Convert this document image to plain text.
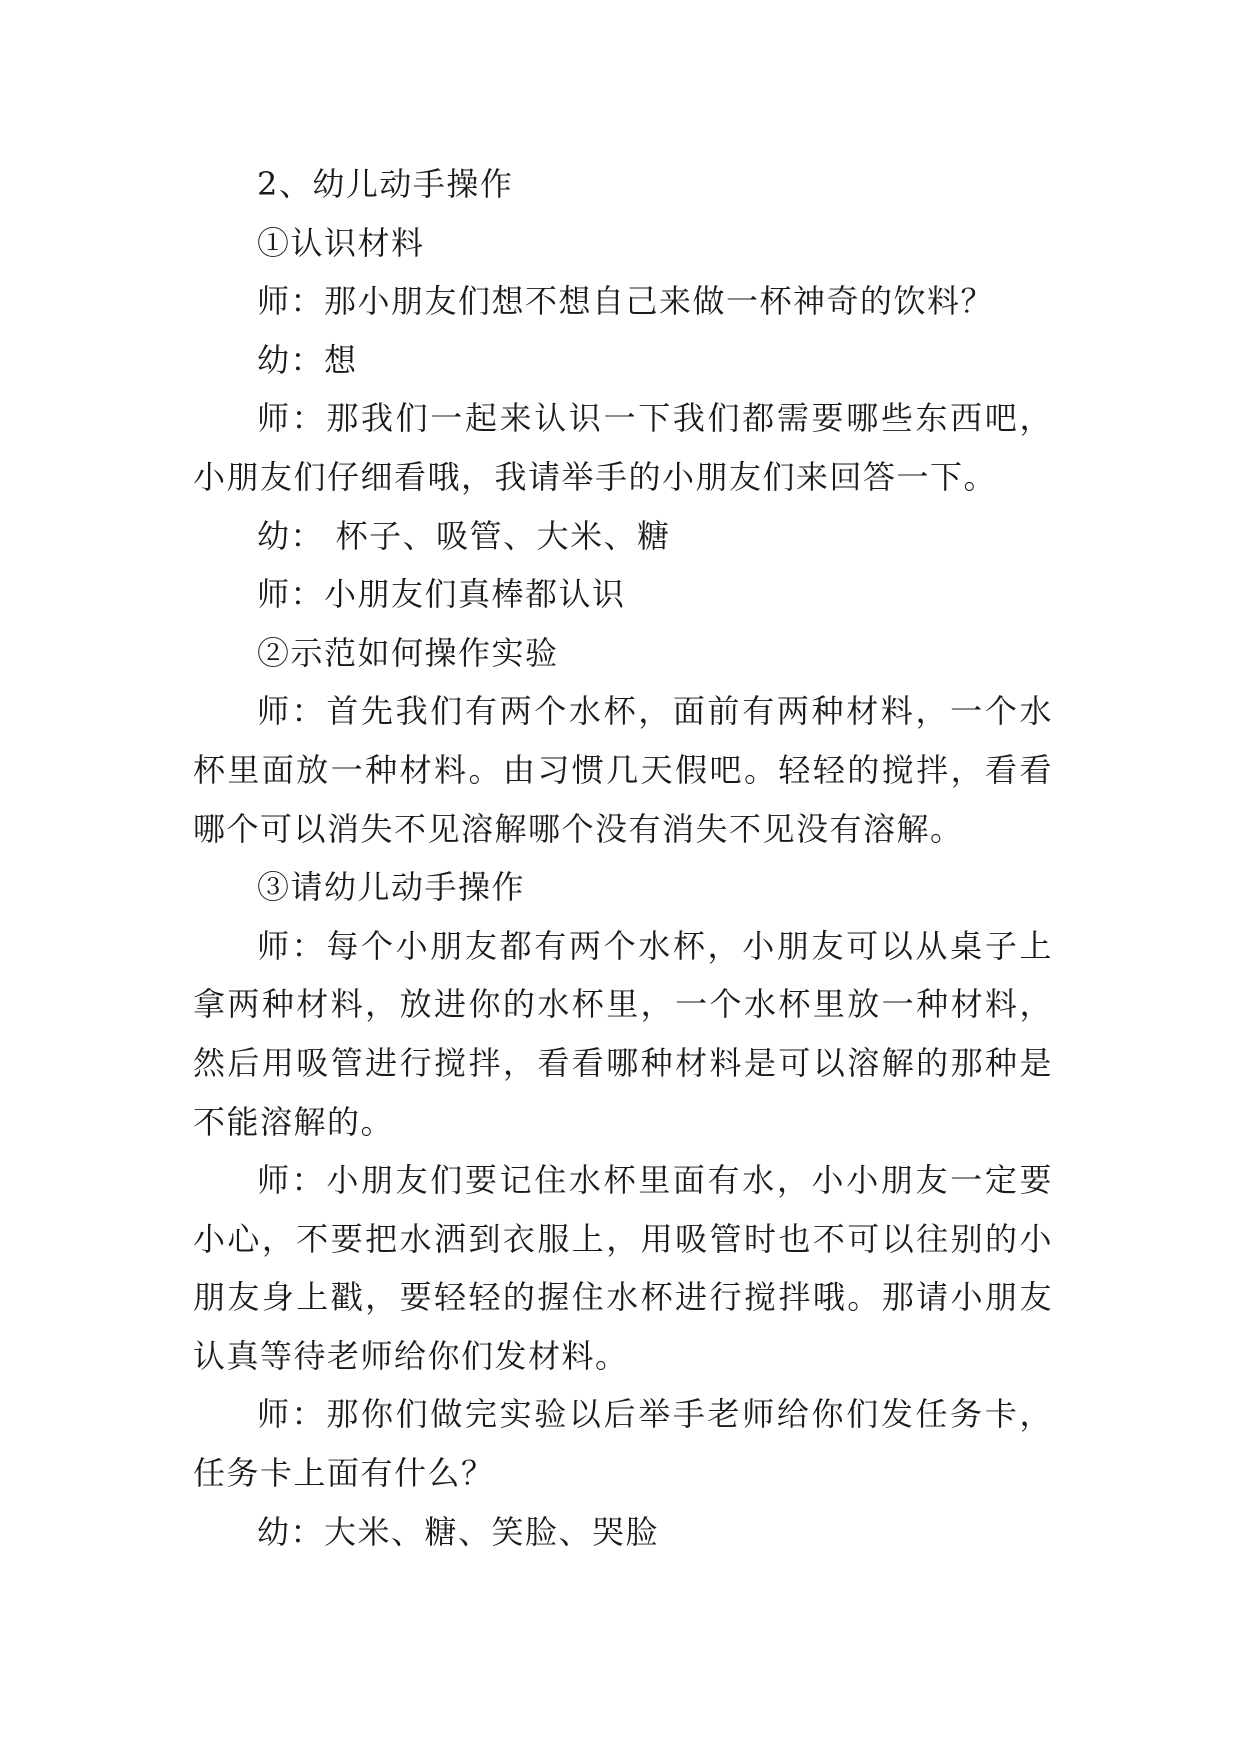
2、幼儿动手操作

①认识材料

师：那小朋友们想不想自己来做一杯神奇的饮料？

幼：想

师：那我们一起来认识一下我们都需要哪些东西吧，小朋友们仔细看哦，我请举手的小朋友们来回答一下。

幼： 杯子、吸管、大米、糖

师：小朋友们真棒都认识

②示范如何操作实验

师：首先我们有两个水杯，面前有两种材料，一个水杯里面放一种材料。由习惯几天假吧。轻轻的搅拌，看看哪个可以消失不见溶解哪个没有消失不见没有溶解。

③请幼儿动手操作

师：每个小朋友都有两个水杯，小朋友可以从桌子上拿两种材料，放进你的水杯里，一个水杯里放一种材料，然后用吸管进行搅拌，看看哪种材料是可以溶解的那种是不能溶解的。

师：小朋友们要记住水杯里面有水，小小朋友一定要小心，不要把水洒到衣服上，用吸管时也不可以往别的小朋友身上戳，要轻轻的握住水杯进行搅拌哦。那请小朋友认真等待老师给你们发材料。

师：那你们做完实验以后举手老师给你们发任务卡，任务卡上面有什么？

幼：大米、糖、笑脸、哭脸
